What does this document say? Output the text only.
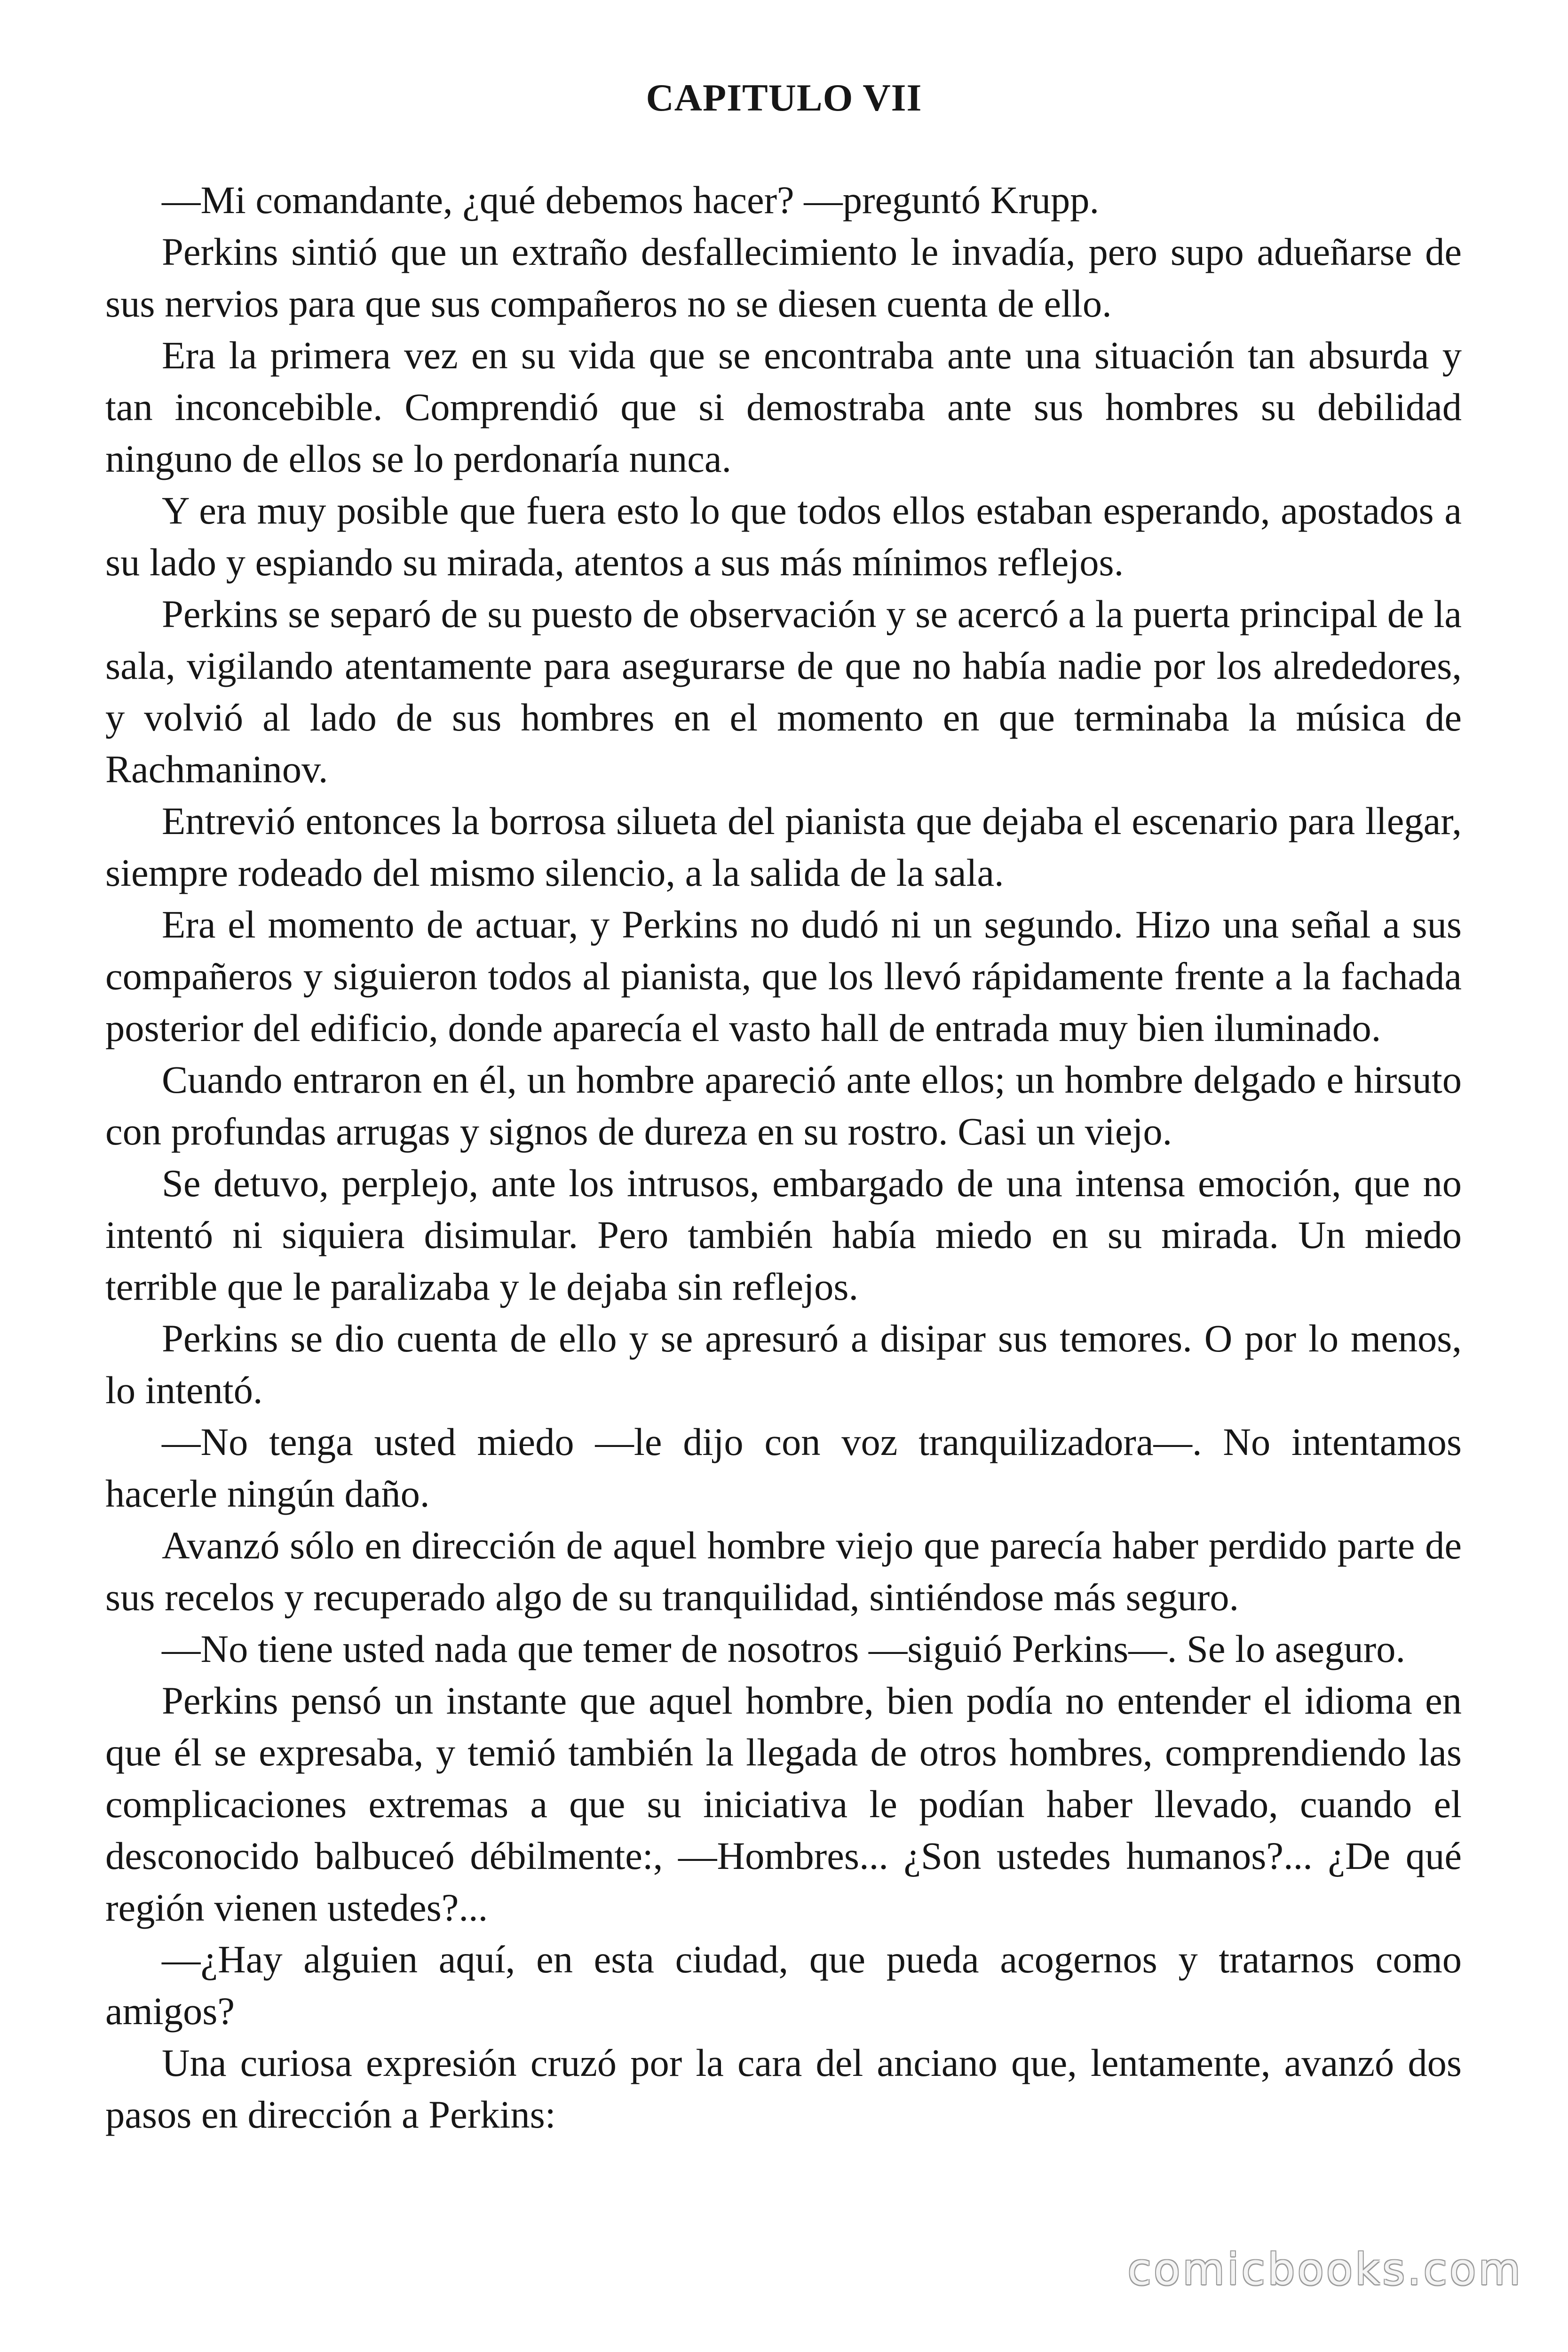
CAPITULO VII

—Mi comandante, ¿qué debemos hacer? —preguntó Krupp.

Perkins sintió que un extraño desfallecimiento le invadía, pero supo adueñarse de sus nervios para que sus compañeros no se diesen cuenta de ello.

Era la primera vez en su vida que se encontraba ante una situación tan absurda y tan inconcebible. Comprendió que si demostraba ante sus hombres su debilidad ninguno de ellos se lo perdonaría nunca.

Y era muy posible que fuera esto lo que todos ellos estaban esperando, apostados a su lado y espiando su mirada, atentos a sus más mínimos reflejos.

Perkins se separó de su puesto de observación y se acercó a la puerta principal de la sala, vigilando atentamente para asegurarse de que no había nadie por los alrededores, y volvió al lado de sus hombres en el momento en que terminaba la música de Rachmaninov.

Entrevió entonces la borrosa silueta del pianista que dejaba el escenario para llegar, siempre rodeado del mismo silencio, a la salida de la sala.

Era el momento de actuar, y Perkins no dudó ni un segundo. Hizo una señal a sus compañeros y siguieron todos al pianista, que los llevó rápidamente frente a la fachada posterior del edificio, donde aparecía el vasto hall de entrada muy bien iluminado.

Cuando entraron en él, un hombre apareció ante ellos; un hombre delgado e hirsuto con profundas arrugas y signos de dureza en su rostro. Casi un viejo.

Se detuvo, perplejo, ante los intrusos, embargado de una intensa emoción, que no intentó ni siquiera disimular. Pero también había miedo en su mirada. Un miedo terrible que le paralizaba y le dejaba sin reflejos.

Perkins se dio cuenta de ello y se apresuró a disipar sus temores. O por lo menos, lo intentó.

—No tenga usted miedo —le dijo con voz tranquilizadora—. No intentamos hacerle ningún daño.

Avanzó sólo en dirección de aquel hombre viejo que parecía haber perdido parte de sus recelos y recuperado algo de su tranquilidad, sintiéndose más seguro.

—No tiene usted nada que temer de nosotros —siguió Perkins—. Se lo aseguro.

Perkins pensó un instante que aquel hombre, bien podía no entender el idioma en que él se expresaba, y temió también la llegada de otros hombres, comprendiendo las complicaciones extremas a que su iniciativa le podían haber llevado, cuando el desconocido balbuceó débilmente:, —Hombres... ¿Son ustedes humanos?... ¿De qué región vienen ustedes?...

—¿Hay alguien aquí, en esta ciudad, que pueda acogernos y tratarnos como amigos?

Una curiosa expresión cruzó por la cara del anciano que, lentamente, avanzó dos pasos en dirección a Perkins:

comicbooks.com
